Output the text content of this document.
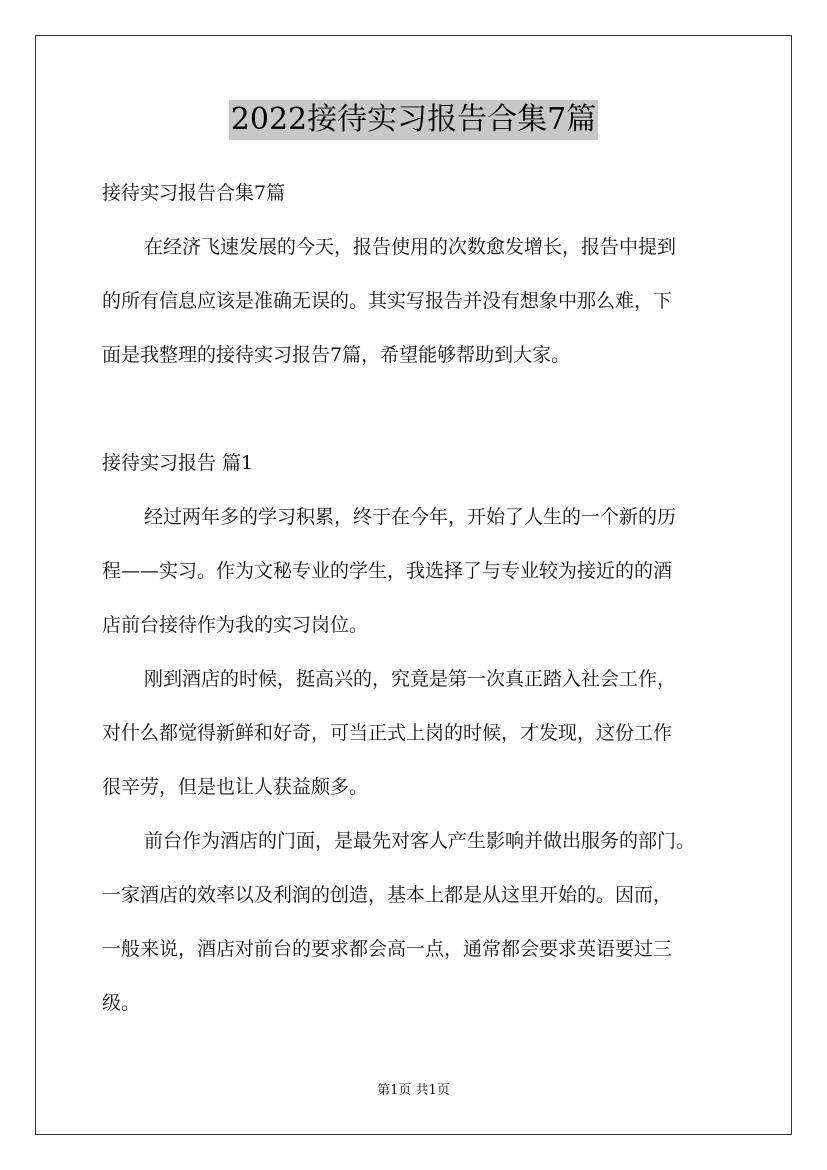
2022接待实习报告合集7篇

接待实习报告合集7篇

在经济飞速发展的今天，报告使用的次数愈发增长，报告中提到

的所有信息应该是准确无误的。其实写报告并没有想象中那么难，下

面是我整理的接待实习报告7篇，希望能够帮助到大家。

接待实习报告 篇1

经过两年多的学习积累，终于在今年，开始了人生的一个新的历

程——实习。作为文秘专业的学生，我选择了与专业较为接近的的酒

店前台接待作为我的实习岗位。

刚到酒店的时候，挺高兴的，究竟是第一次真正踏入社会工作，

对什么都觉得新鲜和好奇，可当正式上岗的时候，才发现，这份工作

很辛劳，但是也让人获益颇多。

前台作为酒店的门面，是最先对客人产生影响并做出服务的部门。

一家酒店的效率以及利润的创造，基本上都是从这里开始的。因而，

一般来说，酒店对前台的要求都会高一点，通常都会要求英语要过三

级。

第1页 共1页
